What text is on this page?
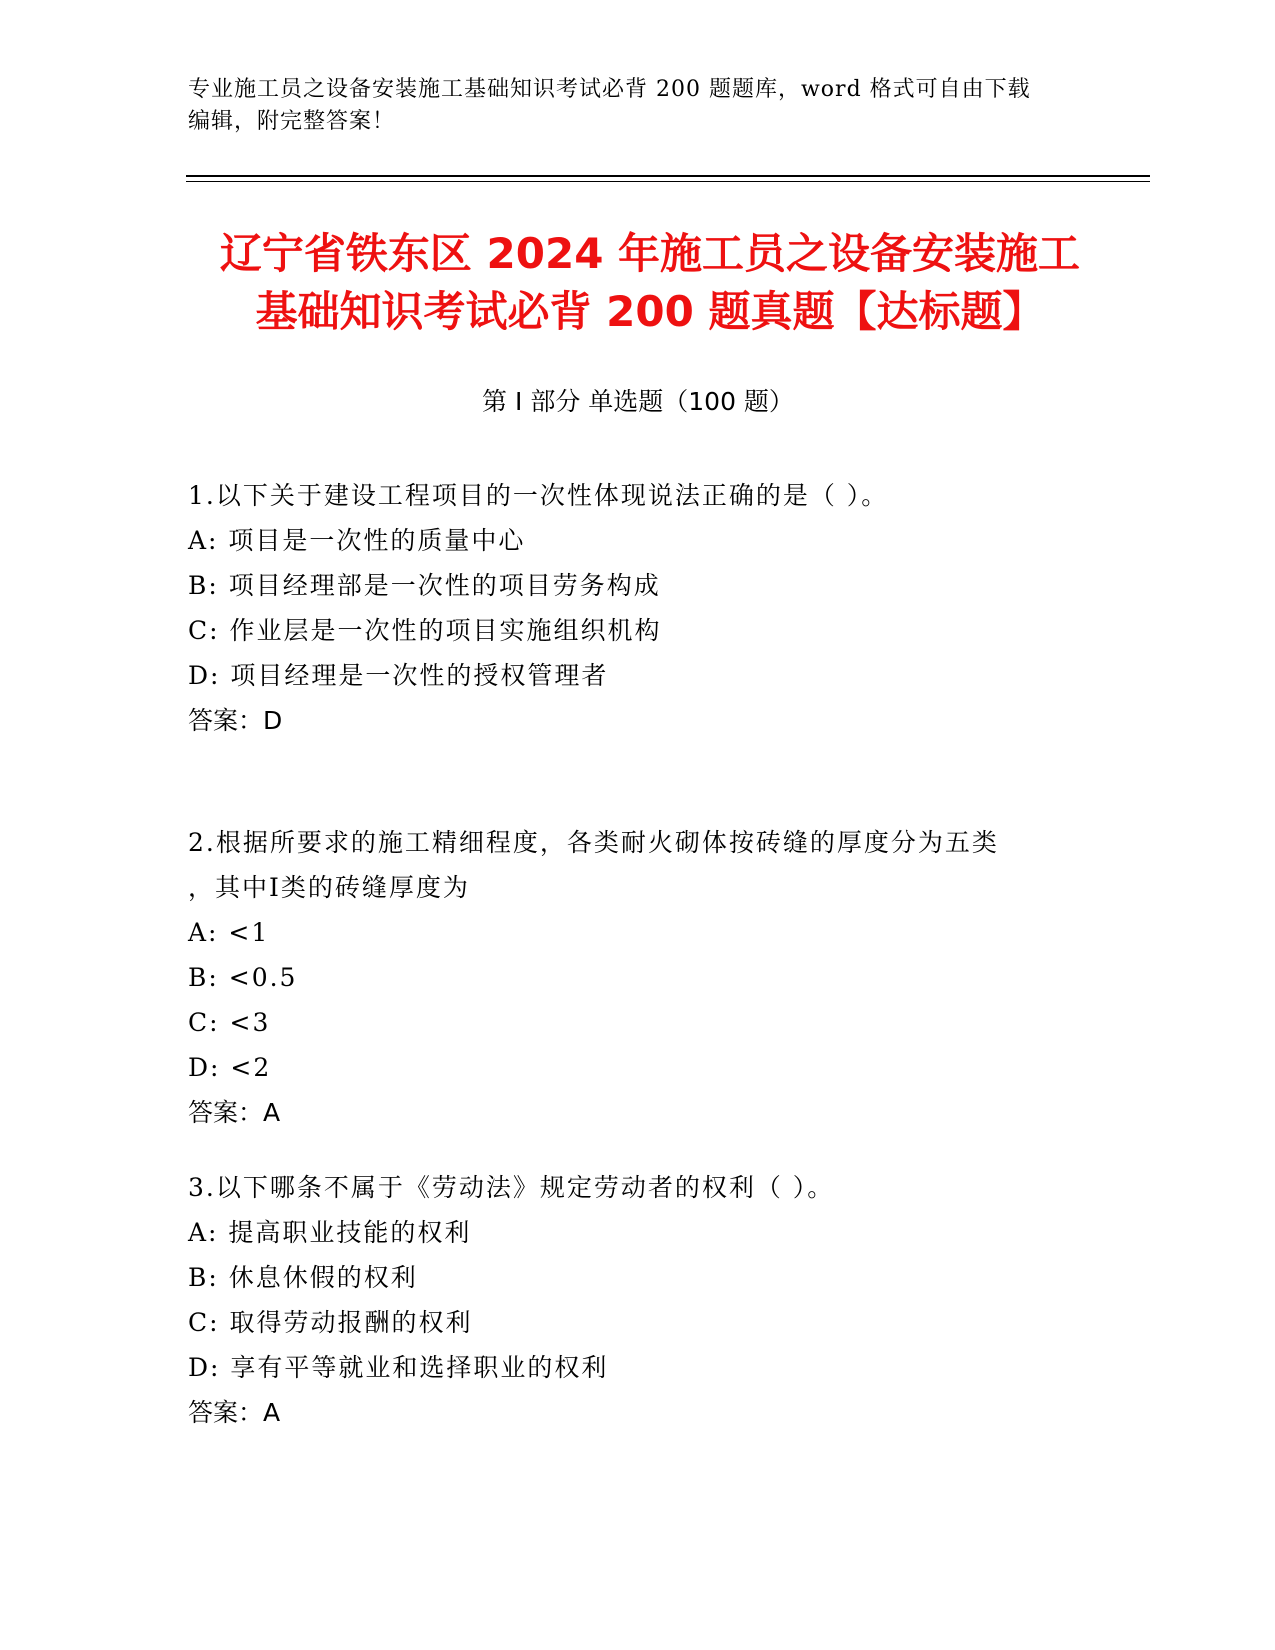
专业施工员之设备安装施工基础知识考试必背 200 题题库，word 格式可自由下载
编辑，附完整答案！
辽宁省铁东区 2024 年施工员之设备安装施工
基础知识考试必背 200 题真题【达标题】
第 I 部分 单选题（100 题）
1.以下关于建设工程项目的一次性体现说法正确的是（ ）。
A: 项目是一次性的质量中心
B: 项目经理部是一次性的项目劳务构成
C: 作业层是一次性的项目实施组织机构
D: 项目经理是一次性的授权管理者
答案：D
2.根据所要求的施工精细程度，各类耐火砌体按砖缝的厚度分为五类
，其中Ⅰ类的砖缝厚度为
A: <1
B: <0.5
C: <3
D: <2
答案：A
3.以下哪条不属于《劳动法》规定劳动者的权利（ ）。
A: 提高职业技能的权利
B: 休息休假的权利
C: 取得劳动报酬的权利
D: 享有平等就业和选择职业的权利
答案：A
